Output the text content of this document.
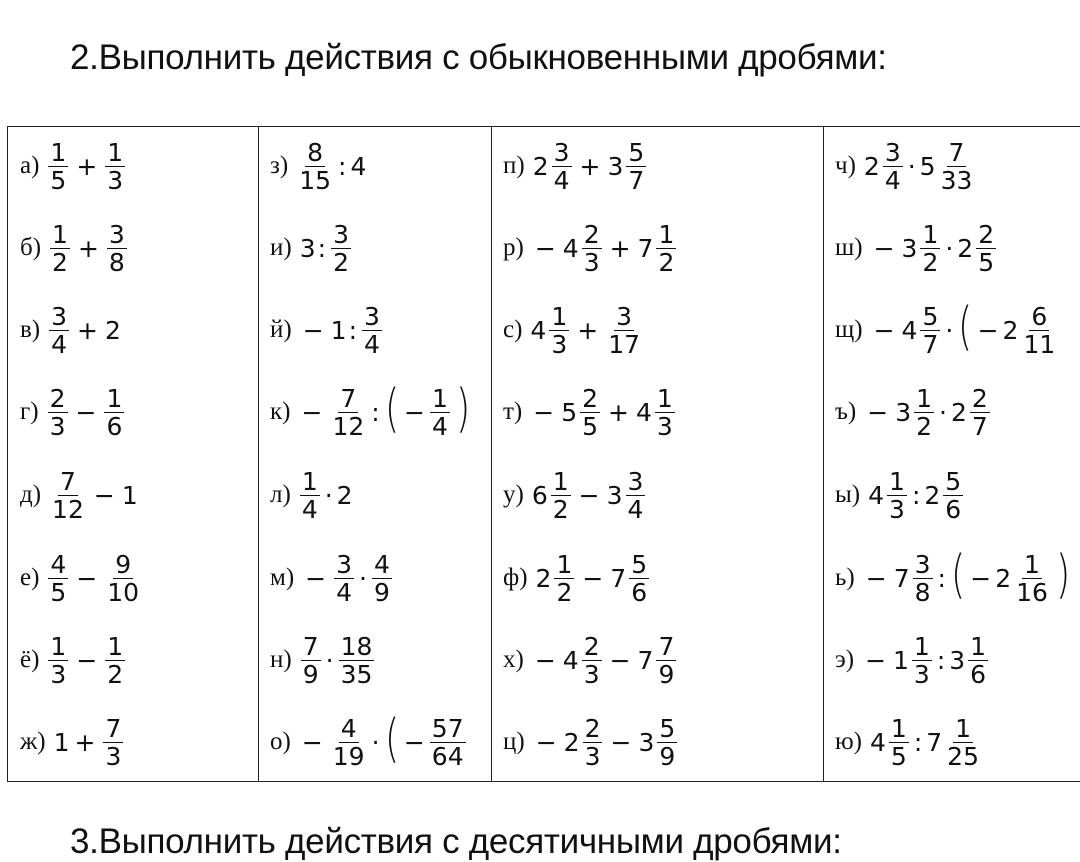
2.Выполнить действия с обыкновенными дробями:
$а) \frac{1}{5} + \frac{1}{3}$
$б) \frac{1}{2} + \frac{3}{8}$
$в) \frac{3}{4} + 2$
$г) \frac{2}{3} - \frac{1}{6}$
$д) \frac{7}{12} - 1$
$е) \frac{4}{5} - \frac{9}{10}$
$ё) \frac{1}{3} - \frac{1}{2}$
ж) $1 + \frac{7}{3}$
$з) \frac{8}{15}$ : 4
и) 3 : $\frac{3}{2}$
й) − 1 : $\frac{3}{4}$
$к) - \frac{7}{12}$ : ( − $\frac{1}{4}$ )
$л) \frac{1}{4} \cdot 2$
$м) - \frac{3}{4} \cdot \frac{4}{9}$
$н) \frac{7}{9} \cdot \frac{18}{35}$
$о) - \frac{4}{19}$ · ( − $\frac{57}{64}$
п) $2 \frac{3}{4} + 3 \frac{5}{7}$
$р) - 4 \frac{2}{3} + 7 \frac{1}{2}$
с) $4 \frac{1}{3} + \frac{3}{17}$
$т) - 5 \frac{2}{5} + 4 \frac{1}{3}$
у) $6 \frac{1}{2} - 3 \frac{3}{4}$
ф) $2 \frac{1}{2} - 7 \frac{5}{6}$
$х) - 4 \frac{2}{3} - 7 \frac{7}{9}$
$ц) - 2 \frac{2}{3} - 3 \frac{5}{9}$
ч) $2 \frac{3}{4} \cdot 5 \frac{7}{33}$
$ш) - 3 \frac{1}{2} \cdot 2 \frac{2}{5}$
$щ) - 4 \frac{5}{7}$ · ( − $2 \frac{6}{11}$
$ъ) - 3 \frac{1}{2} \cdot 2 \frac{2}{7}$
ы) $4 \frac{1}{3}$ : $2 \frac{5}{6}$
$ь) - 7 \frac{3}{8}$ : ( − $2 \frac{1}{16}$ )
$э) - 1 \frac{1}{3}$ : $3 \frac{1}{6}$
ю) $4 \frac{1}{5}$ : $7 \frac{1}{25}$
3.Выполнить действия с десятичными дробями:
